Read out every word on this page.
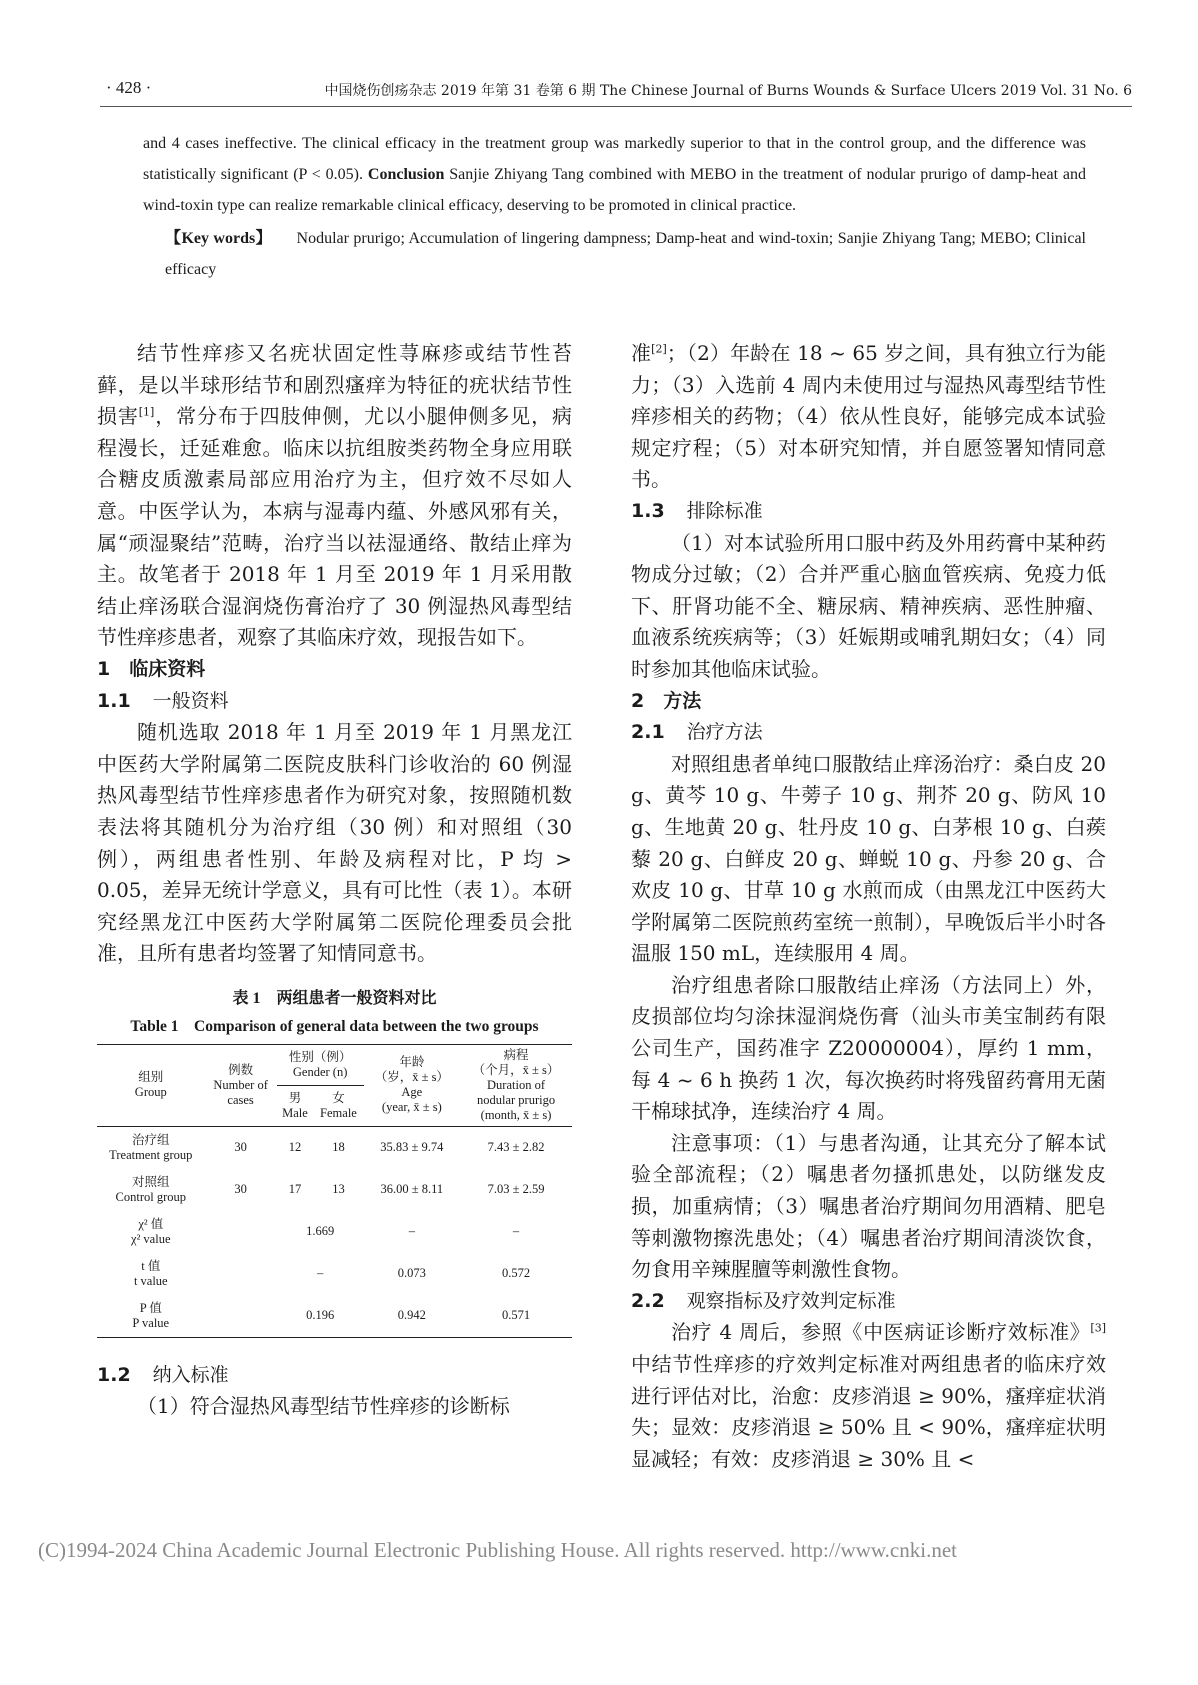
· 428 ·	中国烧伤创疡杂志 2019 年第 31 卷第 6 期 The Chinese Journal of Burns Wounds & Surface Ulcers 2019 Vol. 31 No. 6

and 4 cases ineffective. The clinical efficacy in the treatment group was markedly superior to that in the control group, and the difference was statistically significant (P < 0.05). Conclusion Sanjie Zhiyang Tang combined with MEBO in the treatment of nodular prurigo of damp-heat and wind-toxin type can realize remarkable clinical efficacy, deserving to be promoted in clinical practice.

【Key words】 Nodular prurigo; Accumulation of lingering dampness; Damp-heat and wind-toxin; Sanjie Zhiyang Tang; MEBO; Clinical efficacy

结节性痒疹又名疣状固定性荨麻疹或结节性苔藓，是以半球形结节和剧烈瘙痒为特征的疣状结节性损害[1]，常分布于四肢伸侧，尤以小腿伸侧多见，病程漫长，迁延难愈。临床以抗组胺类药物全身应用联合糖皮质激素局部应用治疗为主，但疗效不尽如人意。中医学认为，本病与湿毒内蕴、外感风邪有关，属“顽湿聚结”范畴，治疗当以祛湿通络、散结止痒为主。故笔者于 2018 年 1 月至 2019 年 1 月采用散结止痒汤联合湿润烧伤膏治疗了 30 例湿热风毒型结节性痒疹患者，观察了其临床疗效，现报告如下。

1　 临床资料

1.1 一般资料

随机选取 2018 年 1 月至 2019 年 1 月黑龙江中医药大学附属第二医院皮肤科门诊收治的 60 例湿热风毒型结节性痒疹患者作为研究对象，按照随机数表法将其随机分为治疗组（30 例）和对照组（30 例），两组患者性别、年龄及病程对比，P 均 > 0.05，差异无统计学意义，具有可比性（表 1）。本研究经黑龙江中医药大学附属第二医院伦理委员会批准，且所有患者均签署了知情同意书。

表 1　两组患者一般资料对比
Table 1　Comparison of general data between the two groups
组别
Group	例数
Number of
cases	性别（例）
Gender (n)		年龄
（岁，x̄ ± s）
Age
(year, x̄ ± s)	病程
（个月，x̄ ± s）
Duration of
nodular prurigo
(month, x̄ ± s)
		男
Male	女
Female		
治疗组
Treatment group	30	12	18	35.83 ± 9.74	7.43 ± 2.82
对照组
Control group	30	17	13	36.00 ± 8.11	7.03 ± 2.59
χ² 值
χ² value		1.669		–	–
t 值
t value		–		0.073	0.572
P 值
P value		0.196		0.942	0.571

1.2 纳入标准

（1）符合湿热风毒型结节性痒疹的诊断标

准[2]；（2）年龄在 18 ~ 65 岁之间，具有独立行为能力；（3）入选前 4 周内未使用过与湿热风毒型结节性痒疹相关的药物；（4）依从性良好，能够完成本试验规定疗程；（5）对本研究知情，并自愿签署知情同意书。

1.3 排除标准

（1）对本试验所用口服中药及外用药膏中某种药物成分过敏；（2）合并严重心脑血管疾病、免疫力低下、肝肾功能不全、糖尿病、精神疾病、恶性肿瘤、血液系统疾病等；（3）妊娠期或哺乳期妇女；（4）同时参加其他临床试验。

2　 方法

2.1 治疗方法

对照组患者单纯口服散结止痒汤治疗：桑白皮 20 g、黄芩 10 g、牛蒡子 10 g、荆芥 20 g、防风 10 g、生地黄 20 g、牡丹皮 10 g、白茅根 10 g、白蒺藜 20 g、白鲜皮 20 g、蝉蜕 10 g、丹参 20 g、合欢皮 10 g、甘草 10 g 水煎而成（由黑龙江中医药大学附属第二医院煎药室统一煎制），早晚饭后半小时各温服 150 mL，连续服用 4 周。

治疗组患者除口服散结止痒汤（方法同上）外，皮损部位均匀涂抹湿润烧伤膏（汕头市美宝制药有限公司生产，国药准字 Z20000004），厚约 1 mm，每 4 ~ 6 h 换药 1 次，每次换药时将残留药膏用无菌干棉球拭净，连续治疗 4 周。

注意事项：（1）与患者沟通，让其充分了解本试验全部流程；（2）嘱患者勿搔抓患处，以防继发皮损，加重病情；（3）嘱患者治疗期间勿用酒精、肥皂等刺激物擦洗患处；（4）嘱患者治疗期间清淡饮食，勿食用辛辣腥膻等刺激性食物。

2.2 观察指标及疗效判定标准

治疗 4 周后，参照《中医病证诊断疗效标准》[3]中结节性痒疹的疗效判定标准对两组患者的临床疗效进行评估对比，治愈：皮疹消退 ≥ 90%，瘙痒症状消失；显效：皮疹消退 ≥ 50% 且 < 90%，瘙痒症状明显减轻；有效：皮疹消退 ≥ 30% 且 <

(C)1994-2024 China Academic Journal Electronic Publishing House. All rights reserved. http://www.cnki.net
